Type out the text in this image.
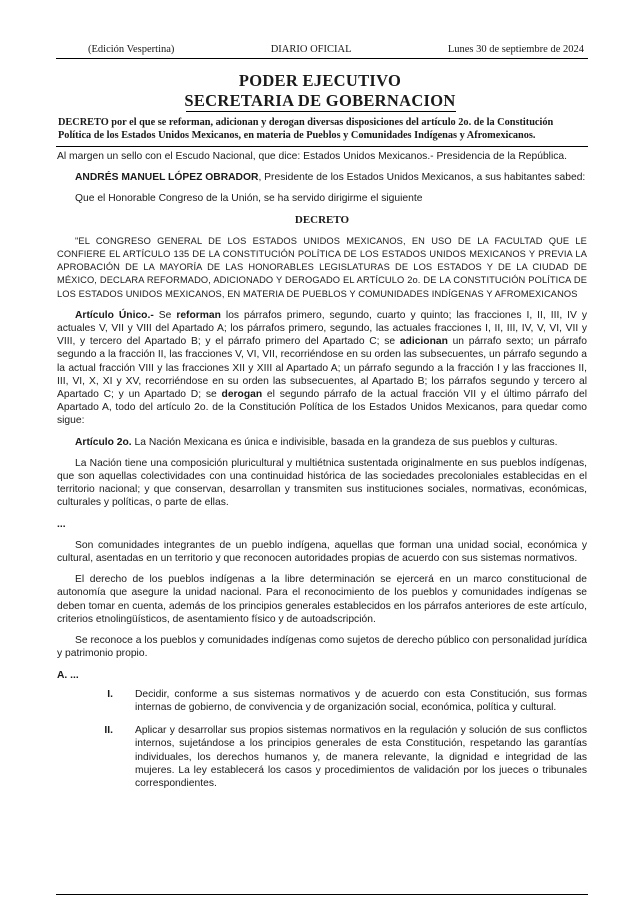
(Edición Vespertina)	DIARIO OFICIAL	Lunes 30 de septiembre de 2024
PODER EJECUTIVO
SECRETARIA DE GOBERNACION
DECRETO por el que se reforman, adicionan y derogan diversas disposiciones del artículo 2o. de la Constitución Política de los Estados Unidos Mexicanos, en materia de Pueblos y Comunidades Indígenas y Afromexicanos.

Al margen un sello con el Escudo Nacional, que dice: Estados Unidos Mexicanos.- Presidencia de la República.

ANDRÉS MANUEL LÓPEZ OBRADOR, Presidente de los Estados Unidos Mexicanos, a sus habitantes sabed:

Que el Honorable Congreso de la Unión, se ha servido dirigirme el siguiente

DECRETO

"EL CONGRESO GENERAL DE LOS ESTADOS UNIDOS MEXICANOS, EN USO DE LA FACULTAD QUE LE CONFIERE EL ARTÍCULO 135 DE LA CONSTITUCIÓN POLÍTICA DE LOS ESTADOS UNIDOS MEXICANOS Y PREVIA LA APROBACIÓN DE LA MAYORÍA DE LAS HONORABLES LEGISLATURAS DE LOS ESTADOS Y DE LA CIUDAD DE MÉXICO, DECLARA REFORMADO, ADICIONADO Y DEROGADO EL ARTÍCULO 2o. DE LA CONSTITUCIÓN POLÍTICA DE LOS ESTADOS UNIDOS MEXICANOS, EN MATERIA DE PUEBLOS Y COMUNIDADES INDÍGENAS Y AFROMEXICANOS

Artículo Único.- Se reforman los párrafos primero, segundo, cuarto y quinto; las fracciones I, II, III, IV y actuales V, VII y VIII del Apartado A; los párrafos primero, segundo, las actuales fracciones I, II, III, IV, V, VI, VII y VIII, y tercero del Apartado B; y el párrafo primero del Apartado C; se adicionan un párrafo sexto; un párrafo segundo a la fracción II, las fracciones V, VI, VII, recorriéndose en su orden las subsecuentes, un párrafo segundo a la actual fracción VIII y las fracciones XII y XIII al Apartado A; un párrafo segundo a la fracción I y las fracciones II, III, VI, X, XI y XV, recorriéndose en su orden las subsecuentes, al Apartado B; los párrafos segundo y tercero al Apartado C; y un Apartado D; se derogan el segundo párrafo de la actual fracción VII y el último párrafo del Apartado A, todo del artículo 2o. de la Constitución Política de los Estados Unidos Mexicanos, para quedar como sigue:

Artículo 2o. La Nación Mexicana es única e indivisible, basada en la grandeza de sus pueblos y culturas.

La Nación tiene una composición pluricultural y multiétnica sustentada originalmente en sus pueblos indígenas, que son aquellas colectividades con una continuidad histórica de las sociedades precoloniales establecidas en el territorio nacional; y que conservan, desarrollan y transmiten sus instituciones sociales, normativas, económicas, culturales y políticas, o parte de ellas.

...

Son comunidades integrantes de un pueblo indígena, aquellas que forman una unidad social, económica y cultural, asentadas en un territorio y que reconocen autoridades propias de acuerdo con sus sistemas normativos.

El derecho de los pueblos indígenas a la libre determinación se ejercerá en un marco constitucional de autonomía que asegure la unidad nacional. Para el reconocimiento de los pueblos y comunidades indígenas se deben tomar en cuenta, además de los principios generales establecidos en los párrafos anteriores de este artículo, criterios etnolingüísticos, de asentamiento físico y de autoadscripción.

Se reconoce a los pueblos y comunidades indígenas como sujetos de derecho público con personalidad jurídica y patrimonio propio.

A. ...

I.	Decidir, conforme a sus sistemas normativos y de acuerdo con esta Constitución, sus formas internas de gobierno, de convivencia y de organización social, económica, política y cultural.
II.	Aplicar y desarrollar sus propios sistemas normativos en la regulación y solución de sus conflictos internos, sujetándose a los principios generales de esta Constitución, respetando las garantías individuales, los derechos humanos y, de manera relevante, la dignidad e integridad de las mujeres. La ley establecerá los casos y procedimientos de validación por los jueces o tribunales correspondientes.
